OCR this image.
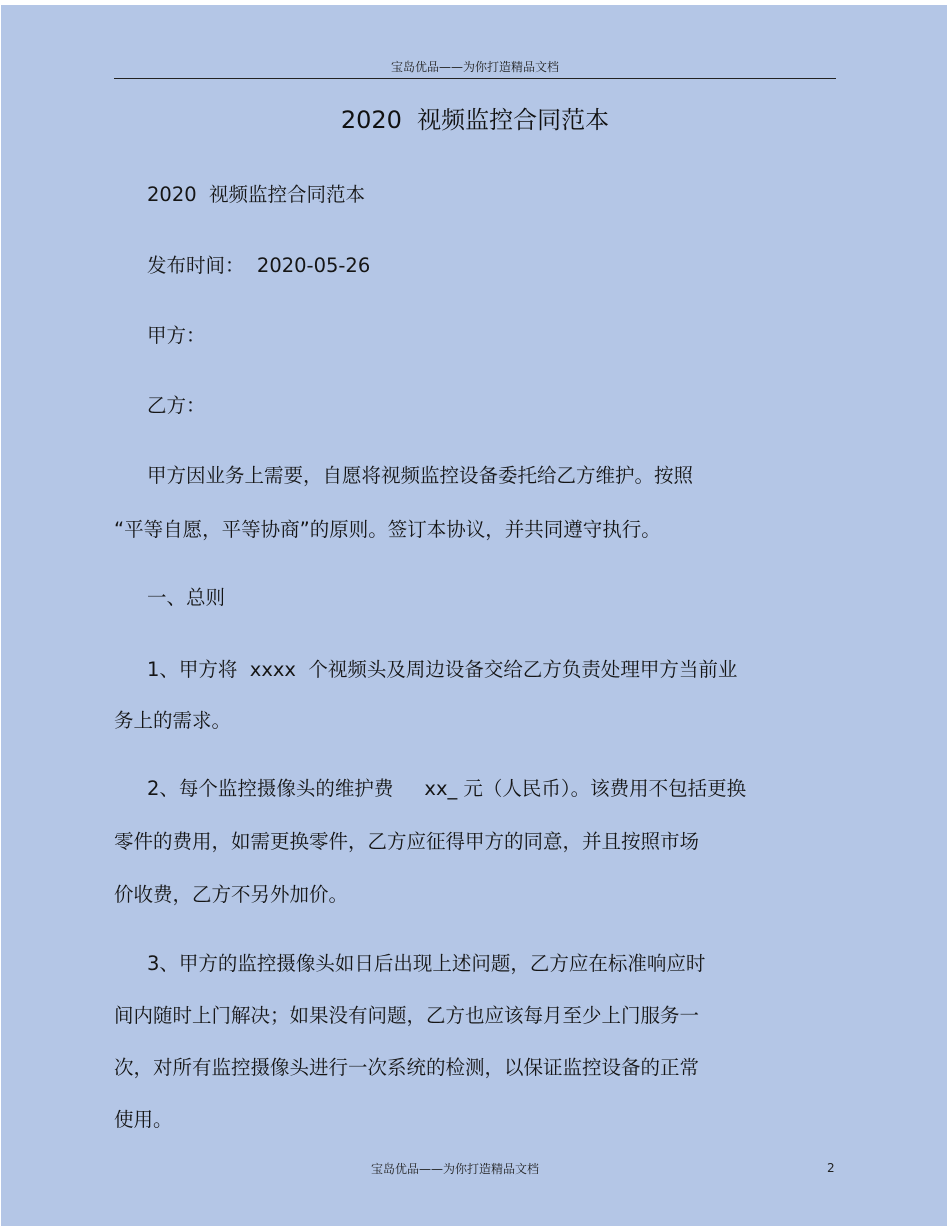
宝岛优品——为你打造精品文档
2020  视频监控合同范本
2020  视频监控合同范本
发布时间： 2020-05-26
甲方：
乙方：
甲方因业务上需要，自愿将视频监控设备委托给乙方维护。按照
“平等自愿，平等协商”的原则。签订本协议，并共同遵守执行。
一、总则
1、甲方将  xxxx  个视频头及周边设备交给乙方负责处理甲方当前业
务上的需求。
2、每个监控摄像头的维护费     xx_ 元（人民币）。该费用不包括更换
零件的费用，如需更换零件，乙方应征得甲方的同意，并且按照市场
价收费，乙方不另外加价。
3、甲方的监控摄像头如日后出现上述问题，乙方应在标准响应时
间内随时上门解决；如果没有问题，乙方也应该每月至少上门服务一
次，对所有监控摄像头进行一次系统的检测，以保证监控设备的正常
使用。
宝岛优品——为你打造精品文档	2
